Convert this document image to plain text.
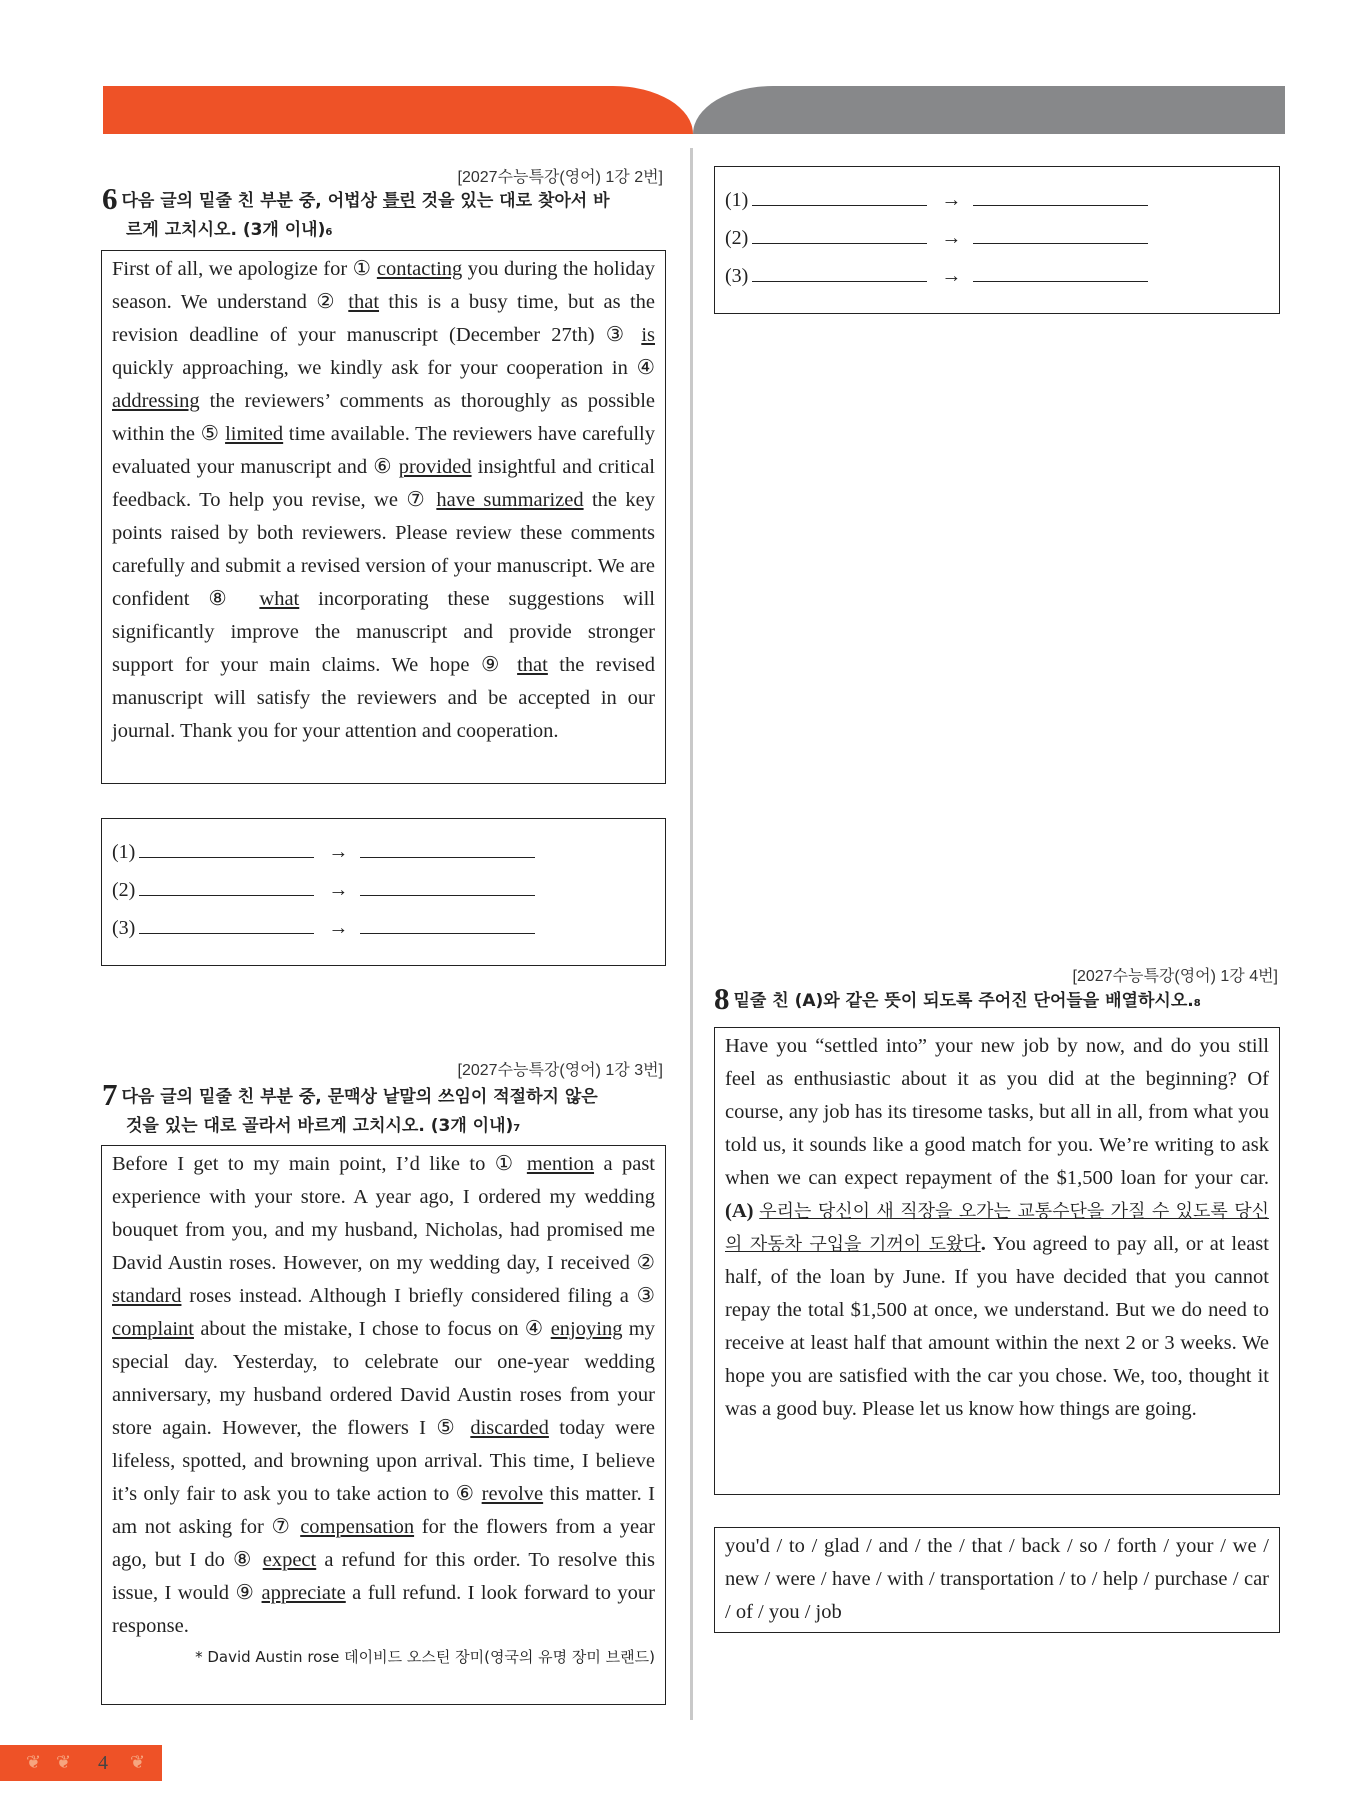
[2027수능특강(영어) 1강 2번]
6 다음 글의 밑줄 친 부분 중, 어법상 틀린 것을 있는 대로 찾아서 바
르게 고치시오. (3개 이내)6
First of all, we apologize for ① contacting you during the holiday season. We understand ② that this is a busy time, but as the revision deadline of your manuscript (December 27th) ③ is quickly approaching, we kindly ask for your cooperation in ④ addressing the reviewers’ comments as thoroughly as possible within the ⑤ limited time available. The reviewers have carefully evaluated your manuscript and ⑥ provided insightful and critical feedback. To help you revise, we ⑦ have summarized the key points raised by both reviewers. Please review these comments carefully and submit a revised version of your manuscript. We are confident ⑧ what incorporating these suggestions will significantly improve the manuscript and provide stronger support for your main claims. We hope ⑨ that the revised manuscript will satisfy the reviewers and be accepted in our journal. Thank you for your attention and cooperation.
(1)	→
(2)	→
(3)	→
[2027수능특강(영어) 1강 3번]
7 다음 글의 밑줄 친 부분 중, 문맥상 낱말의 쓰임이 적절하지 않은
것을 있는 대로 골라서 바르게 고치시오. (3개 이내)7
Before I get to my main point, I’d like to ① mention a past experience with your store. A year ago, I ordered my wedding bouquet from you, and my husband, Nicholas, had promised me David Austin roses. However, on my wedding day, I received ② standard roses instead. Although I briefly considered filing a ③ complaint about the mistake, I chose to focus on ④ enjoying my special day. Yesterday, to celebrate our one-year wedding anniversary, my husband ordered David Austin roses from your store again. However, the flowers I ⑤ discarded today were lifeless, spotted, and browning upon arrival. This time, I believe it’s only fair to ask you to take action to ⑥ revolve this matter. I am not asking for ⑦ compensation for the flowers from a year ago, but I do ⑧ expect a refund for this order. To resolve this issue, I would ⑨ appreciate a full refund. I look forward to your response.
* David Austin rose 데이비드 오스틴 장미(영국의 유명 장미 브랜드)
(1)	→
(2)	→
(3)	→
[2027수능특강(영어) 1강 4번]
8 밑줄 친 (A)와 같은 뜻이 되도록 주어진 단어들을 배열하시오.8
Have you “settled into” your new job by now, and do you still feel as enthusiastic about it as you did at the beginning? Of course, any job has its tiresome tasks, but all in all, from what you told us, it sounds like a good match for you. We’re writing to ask when we can expect repayment of the $1,500 loan for your car. (A) 우리는 당신이 새 직장을 오가는 교통수단을 가질 수 있도록 당신의 자동차 구입을 기꺼이 도왔다. You agreed to pay all, or at least half, of the loan by June. If you have decided that you cannot repay the total $1,500 at once, we understand. But we do need to receive at least half that amount within the next 2 or 3 weeks. We hope you are satisfied with the car you chose. We, too, thought it was a good buy. Please let us know how things are going.
you'd / to / glad / and / the / that / back / so / forth / your / we / new / were / have / with / transportation / to / help / purchase / car / of / you / job
❦ ❦	❦
4
